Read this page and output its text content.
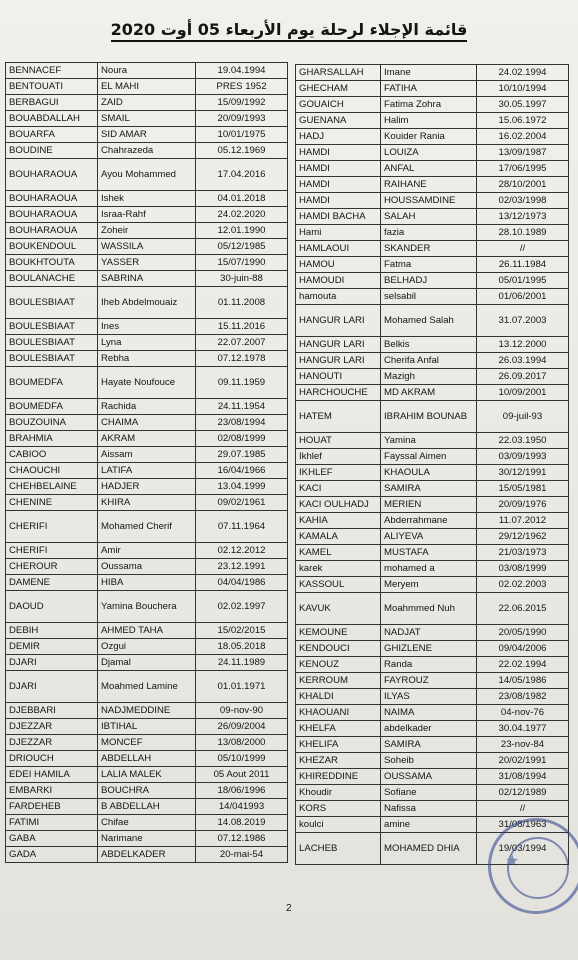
قائمة الإجلاء لرحلة يوم الأربعاء 05 أوت 2020
BENNACEF	Noura	19.04.1994
BENTOUATI	EL MAHI	PRES 1952
BERBAGUI	ZAID	15/09/1992
BOUABDALLAH	SMAIL	20/09/1993
BOUARFA	SID AMAR	10/01/1975
BOUDINE	Chahrazeda	05.12.1969
BOUHARAOUA	Ayou Mohammed	17.04.2016
BOUHARAOUA	Ishek	04.01.2018
BOUHARAOUA	Israa-Rahf	24.02.2020
BOUHARAOUA	Zoheir	12.01.1990
BOUKENDOUL	WASSILA	05/12/1985
BOUKHTOUTA	YASSER	15/07/1990
BOULANACHE	SABRINA	30-juin-88
BOULESBIAAT	Iheb Abdelmouaiz	01.11.2008
BOULESBIAAT	Ines	15.11.2016
BOULESBIAAT	Lyna	22.07.2007
BOULESBIAAT	Rebha	07.12.1978
BOUMEDFA	Hayate Noufouce	09.11.1959
BOUMEDFA	Rachida	24.11.1954
BOUZOUINA	CHAIMA	23/08/1994
BRAHMIA	AKRAM	02/08/1999
CABIOO	Aissam	29.07.1985
CHAOUCHI	LATIFA	16/04/1966
CHEHBELAINE	HADJER	13.04.1999
CHENINE	KHIRA	09/02/1961
CHERIFI	Mohamed Cherif	07.11.1964
CHERIFI	Amir	02.12.2012
CHEROUR	Oussama	23.12.1991
DAMENE	HIBA	04/04/1986
DAOUD	Yamina Bouchera	02.02.1997
DEBIH	AHMED TAHA	15/02/2015
DEMIR	Ozgui	18.05.2018
DJARI	Djamal	24.11.1989
DJARI	Moahmed Lamine	01.01.1971
DJEBBARI	NADJMEDDINE	09-nov-90
DJEZZAR	IBTIHAL	26/09/2004
DJEZZAR	MONCEF	13/08/2000
DRIOUCH	ABDELLAH	05/10/1999
EDEI HAMILA	LALIA MALEK	05 Aout 2011
EMBARKI	BOUCHRA	18/06/1996
FARDEHEB	B ABDELLAH	14/041993
FATIMI	Chifae	14.08.2019
GABA	Narimane	07.12.1986
GADA	ABDELKADER	20-mai-54
GHARSALLAH	Imane	24.02.1994
GHECHAM	FATIHA	10/10/1994
GOUAICH	Fatima Zohra	30.05.1997
GUENANA	Halim	15.06.1972
HADJ	Kouider Rania	16.02.2004
HAMDI	LOUIZA	13/09/1987
HAMDI	ANFAL	17/06/1995
HAMDI	RAIHANE	28/10/2001
HAMDI	HOUSSAMDINE	02/03/1998
HAMDI BACHA	SALAH	13/12/1973
Hami	fazia	28.10.1989
HAMLAOUI	SKANDER	//
HAMOU	Fatma	26.11.1984
HAMOUDI	BELHADJ	05/01/1995
hamouta	selsabil	01/06/2001
HANGUR LARI	Mohamed Salah	31.07.2003
HANGUR LARI	Belkis	13.12.2000
HANGUR LARI	Cherifa Anfal	26.03.1994
HANOUTI	Mazigh	26.09.2017
HARCHOUCHE	MD AKRAM	10/09/2001
HATEM	IBRAHIM BOUNAB	09-juil-93
HOUAT	Yamina	22.03.1950
Ikhlef	Fayssal Aimen	03/09/1993
IKHLEF	KHAOULA	30/12/1991
KACI	SAMIRA	15/05/1981
KACI OULHADJ	MERIEN	20/09/1976
KAHIA	Abderrahmane	11.07.2012
KAMALA	ALIYEVA	29/12/1962
KAMEL	MUSTAFA	21/03/1973
karek	mohamed a	03/08/1999
KASSOUL	Meryem	02.02.2003
KAVUK	Moahmmed Nuh	22.06.2015
KEMOUNE	NADJAT	20/05/1990
KENDOUCI	GHIZLENE	09/04/2006
KENOUZ	Randa	22.02.1994
KERROUM	FAYROUZ	14/05/1986
KHALDI	ILYAS	23/08/1982
KHAOUANI	NAIMA	04-nov-76
KHELFA	abdelkader	30.04.1977
KHELIFA	SAMIRA	23-nov-84
KHEZAR	Soheib	20/02/1991
KHIREDDINE	OUSSAMA	31/08/1994
Khoudir	Sofiane	02/12/1989
KORS	Nafissa	//
koulci	amine	31/08/1963
LACHEB	MOHAMED DHIA	19/03/1994
2
★
